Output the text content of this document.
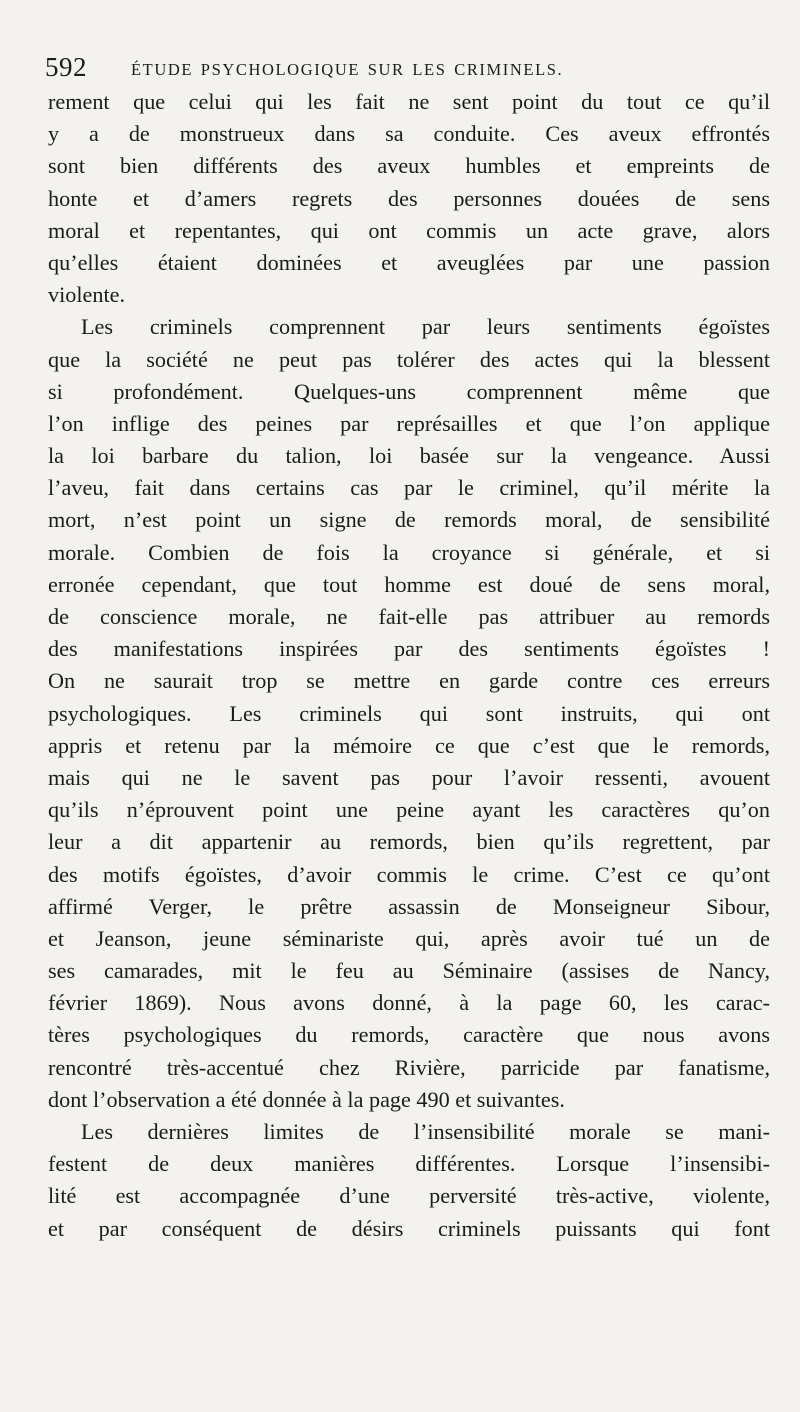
592	ÉTUDE PSYCHOLOGIQUE SUR LES CRIMINELS.
rement que celui qui les fait ne sent point du tout ce qu’il
y a de monstrueux dans sa conduite. Ces aveux effrontés
sont bien différents des aveux humbles et empreints de
honte et d’amers regrets des personnes douées de sens
moral et repentantes, qui ont commis un acte grave, alors
qu’elles étaient dominées et aveuglées par une passion
violente.
Les criminels comprennent par leurs sentiments égoïstes
que la société ne peut pas tolérer des actes qui la blessent
si profondément. Quelques-uns comprennent même que
l’on inflige des peines par représailles et que l’on applique
la loi barbare du talion, loi basée sur la vengeance. Aussi
l’aveu, fait dans certains cas par le criminel, qu’il mérite la
mort, n’est point un signe de remords moral, de sensibilité
morale. Combien de fois la croyance si générale, et si
erronée cependant, que tout homme est doué de sens moral,
de conscience morale, ne fait-elle pas attribuer au remords
des manifestations inspirées par des sentiments égoïstes !
On ne saurait trop se mettre en garde contre ces erreurs
psychologiques. Les criminels qui sont instruits, qui ont
appris et retenu par la mémoire ce que c’est que le remords,
mais qui ne le savent pas pour l’avoir ressenti, avouent
qu’ils n’éprouvent point une peine ayant les caractères qu’on
leur a dit appartenir au remords, bien qu’ils regrettent, par
des motifs égoïstes, d’avoir commis le crime. C’est ce qu’ont
affirmé Verger, le prêtre assassin de Monseigneur Sibour,
et Jeanson, jeune séminariste qui, après avoir tué un de
ses camarades, mit le feu au Séminaire (assises de Nancy,
février 1869). Nous avons donné, à la page 60, les carac-
tères psychologiques du remords, caractère que nous avons
rencontré très-accentué chez Rivière, parricide par fanatisme,
dont l’observation a été donnée à la page 490 et suivantes.
Les dernières limites de l’insensibilité morale se mani-
festent de deux manières différentes. Lorsque l’insensibi-
lité est accompagnée d’une perversité très-active, violente,
et par conséquent de désirs criminels puissants qui font
